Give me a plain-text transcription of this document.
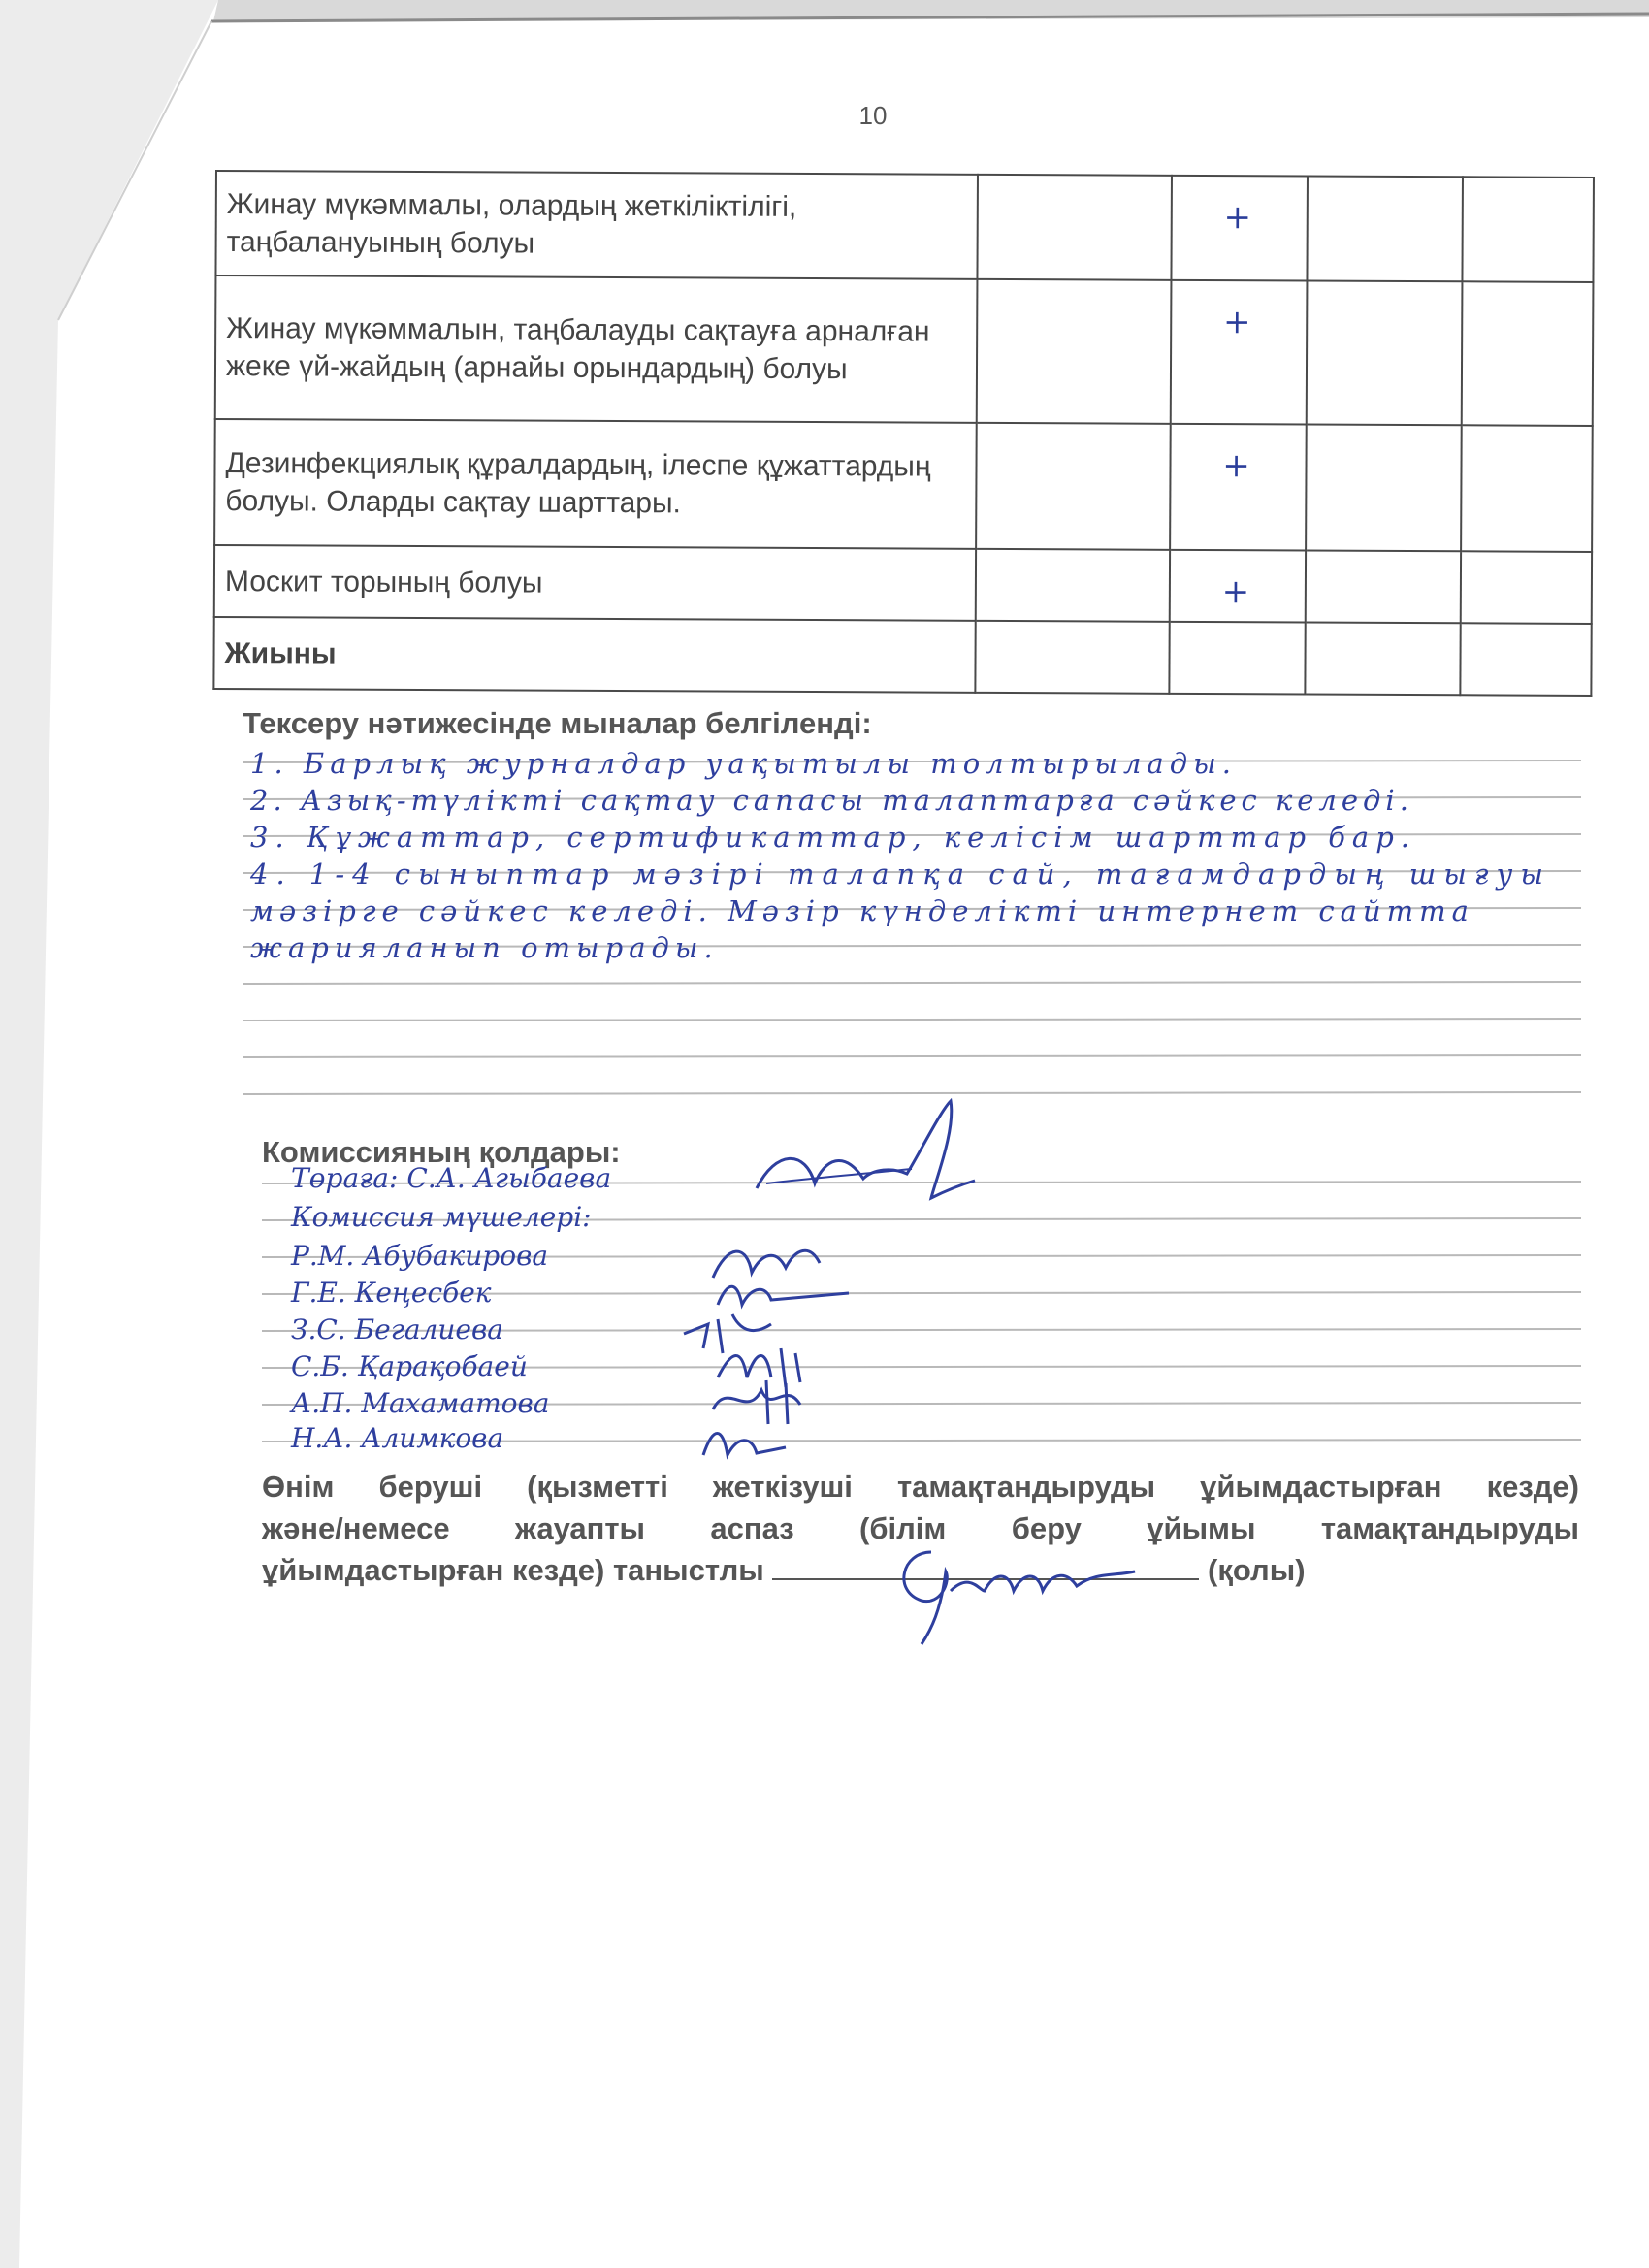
10
Жинау мүкәммалы, олардың жеткіліктілігі, таңбалануының болуы		+		
Жинау мүкәммалын, таңбалауды сақтауға арналған жеке үй-жайдың (арнайы орындардың) болуы		+		
Дезинфекциялық құралдардың, ілеспе құжаттардың болуы. Оларды сақтау шарттары.		+		
Москит торының болуы		+		
Жиыны				
Тексеру нәтижесінде мыналар белгіленді:
1. Барлық журналдар уақытылы толтырылады.
2. Азық-түлікті сақтау сапасы талаптарға сәйкес келеді.
3. Құжаттар, сертификаттар, келісім шарттар бар.
4. 1-4 сыныптар мәзірі талапқа сай, тағамдардың шығуы
мәзірге сәйкес келеді. Мәзір күнделікті интернет сайтта
жарияланып отырады.
Комиссияның қолдары:
Төраға: С.А. Агыбаева
Комиссия мүшелері:
Р.М. Абубакирова
Г.Е. Кеңесбек
З.С. Бегалиева
С.Б. Қарақобаей
А.П. Махаматова
Н.А. Алимкова
Өнім беруші (қызметті жеткізуші тамақтандыруды ұйымдастырған кезде)
және/немесе жауапты аспаз (білім беру ұйымы тамақтандыруды
ұйымдастырған кезде) таныстлы	(қолы)
